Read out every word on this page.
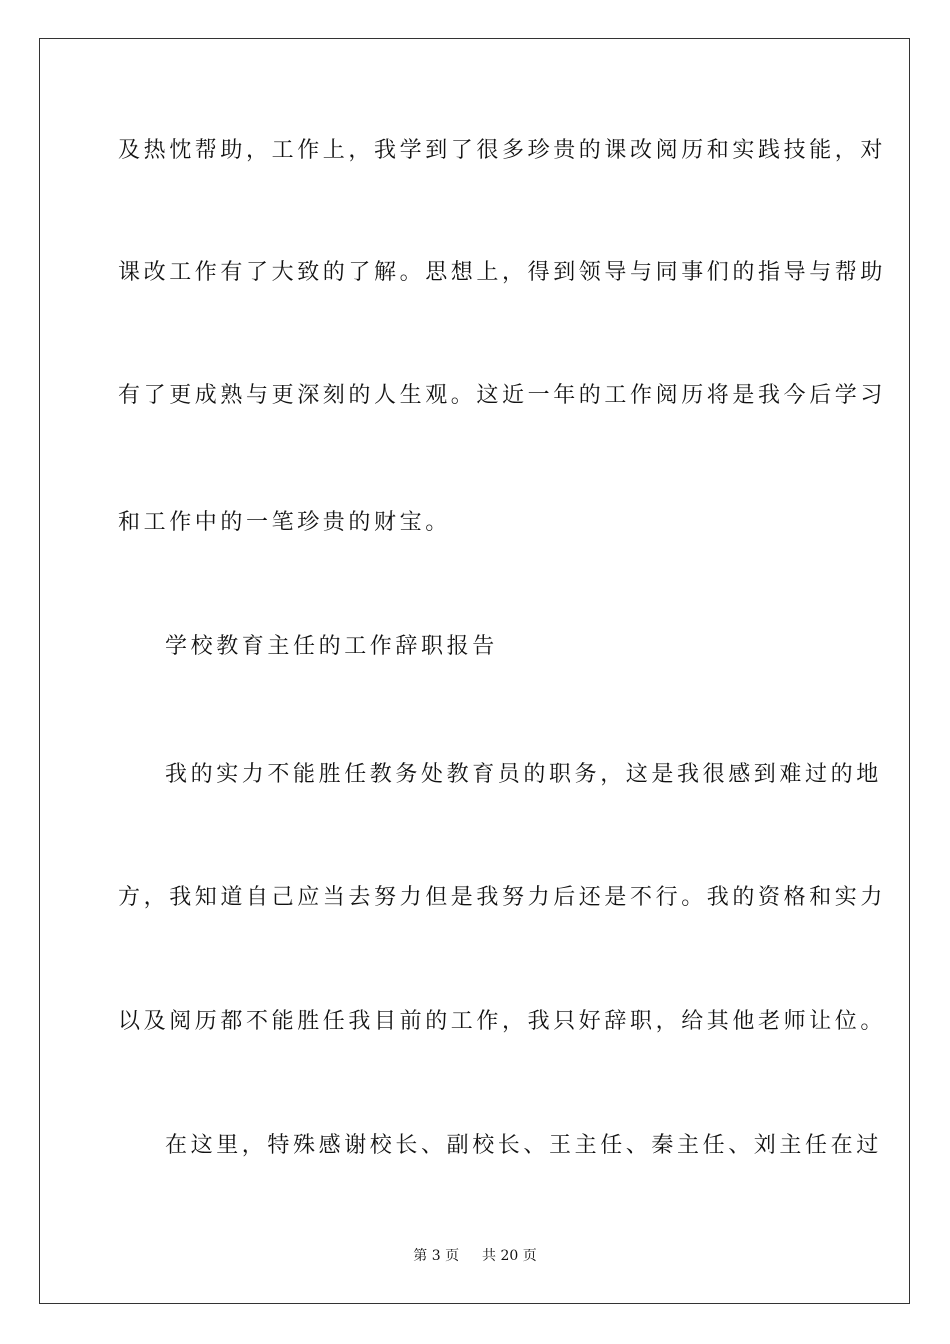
及热忱帮助，工作上，我学到了很多珍贵的课改阅历和实践技能，对
课改工作有了大致的了解。思想上，得到领导与同事们的指导与帮助
有了更成熟与更深刻的人生观。这近一年的工作阅历将是我今后学习
和工作中的一笔珍贵的财宝。
学校教育主任的工作辞职报告
我的实力不能胜任教务处教育员的职务，这是我很感到难过的地
方，我知道自己应当去努力但是我努力后还是不行。我的资格和实力
以及阅历都不能胜任我目前的工作，我只好辞职，给其他老师让位。
在这里，特殊感谢校长、副校长、王主任、秦主任、刘主任在过
第 3 页 共 20 页
